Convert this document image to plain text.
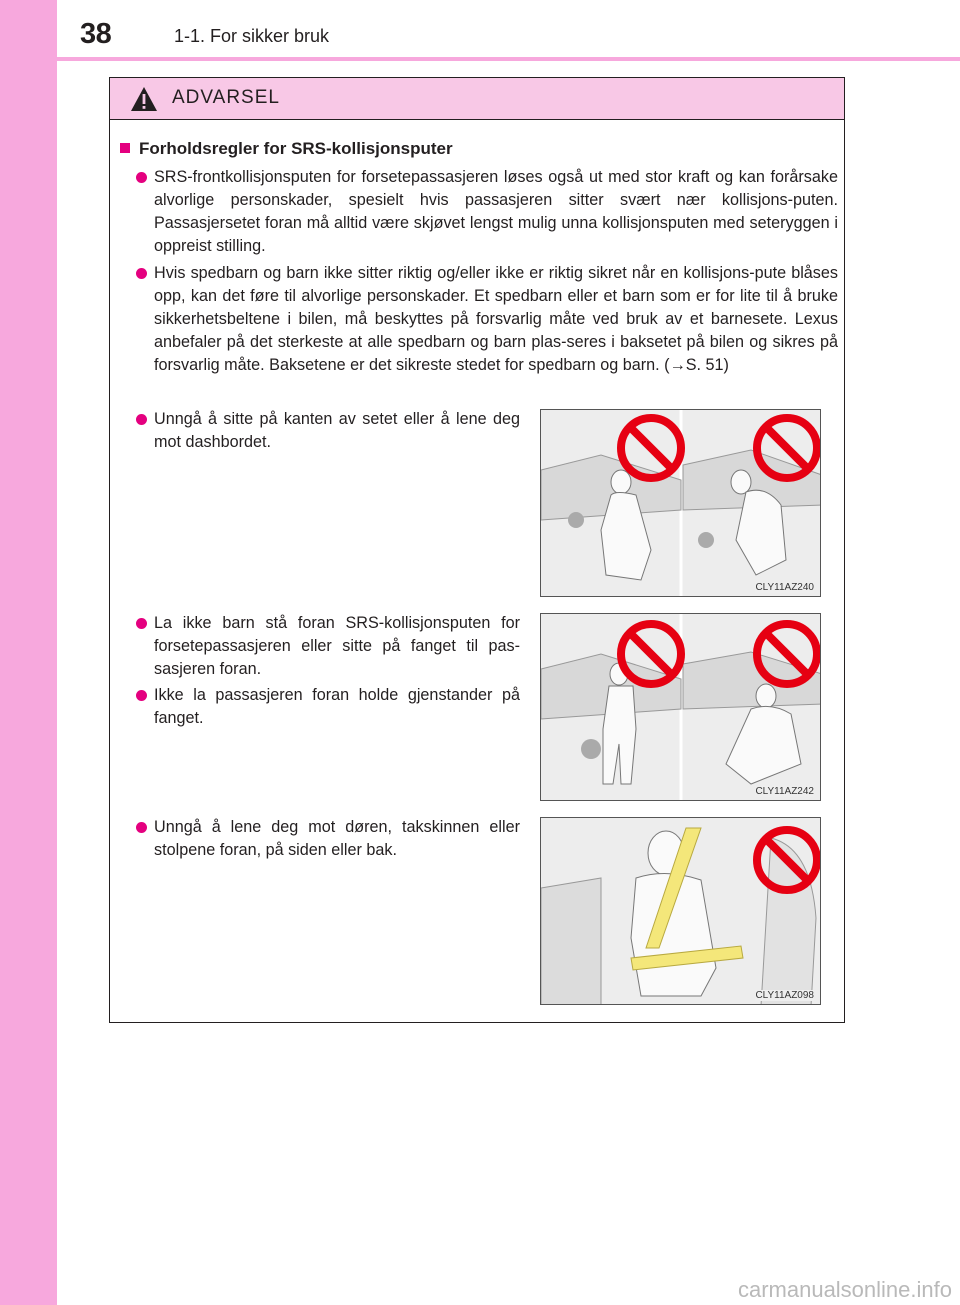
38	1-1. For sikker bruk
ADVARSEL
Forholdsregler for SRS-kollisjonsputer
SRS-frontkollisjonsputen for forsetepassasjeren løses også ut med stor kraft og kan forårsake alvorlige personskader, spesielt hvis passasjeren sitter svært nær kollisjons-puten. Passasjersetet foran må alltid være skjøvet lengst mulig unna kollisjonsputen med seteryggen i oppreist stilling.
Hvis spedbarn og barn ikke sitter riktig og/eller ikke er riktig sikret når en kollisjons-pute blåses opp, kan det føre til alvorlige personskader. Et spedbarn eller et barn som er for lite til å bruke sikkerhetsbeltene i bilen, må beskyttes på forsvarlig måte ved bruk av et barnesete. Lexus anbefaler på det sterkeste at alle spedbarn og barn plas-seres i baksetet på bilen og sikres på forsvarlig måte. Baksetene er det sikreste stedet for spedbarn og barn. (→S. 51)
Unngå å sitte på kanten av setet eller å lene deg mot dashbordet.
La ikke barn stå foran SRS-kollisjonsputen for forsetepassasjeren eller sitte på fanget til pas-sasjeren foran.
Ikke la passasjeren foran holde gjenstander på fanget.
Unngå å lene deg mot døren, takskinnen eller stolpene foran, på siden eller bak.
CLY11AZ240
CLY11AZ242
CLY11AZ098
carmanualsonline.info
